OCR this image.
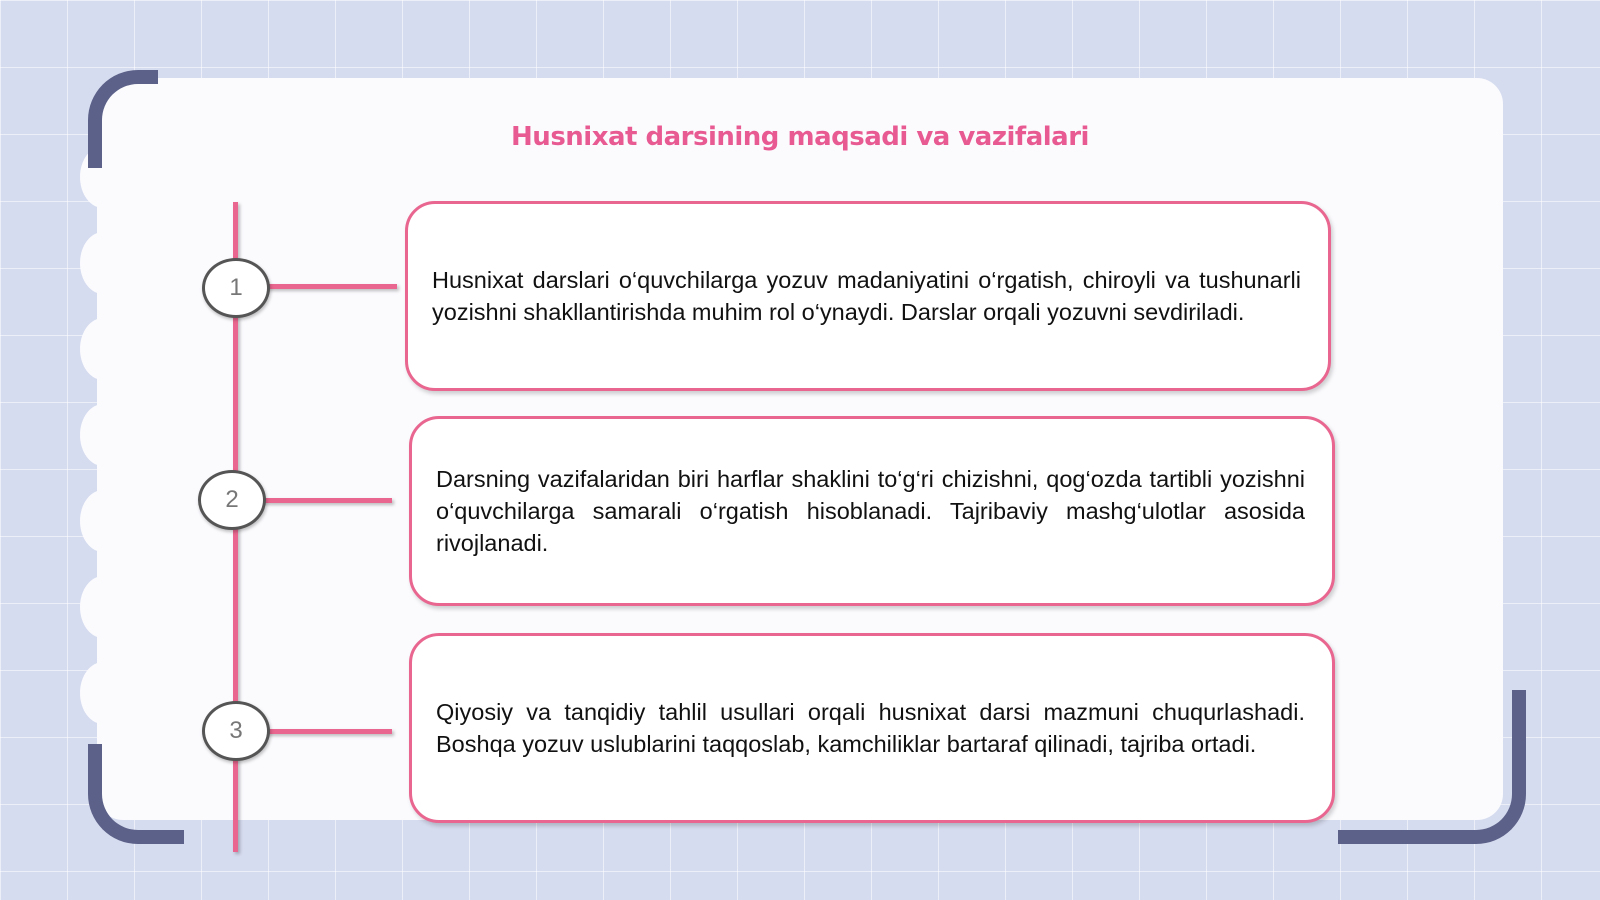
Husnixat darsining maqsadi va vazifalari
1
2
3

Husnixat darslari o‘quvchilarga yozuv madaniyatini o‘rgatish, chiroyli va tushunarli yozishni shakllantirishda muhim rol o‘ynaydi. Darslar orqali yozuvni sevdiriladi.

Darsning vazifalaridan biri harflar shaklini to‘g‘ri chizishni, qog‘ozda tartibli yozishni o‘quvchilarga samarali o‘rgatish hisoblanadi. Tajribaviy mashg‘ulotlar asosida rivojlanadi.

Qiyosiy va tanqidiy tahlil usullari orqali husnixat darsi mazmuni chuqurlashadi. Boshqa yozuv uslublarini taqqoslab, kamchiliklar bartaraf qilinadi, tajriba ortadi.
